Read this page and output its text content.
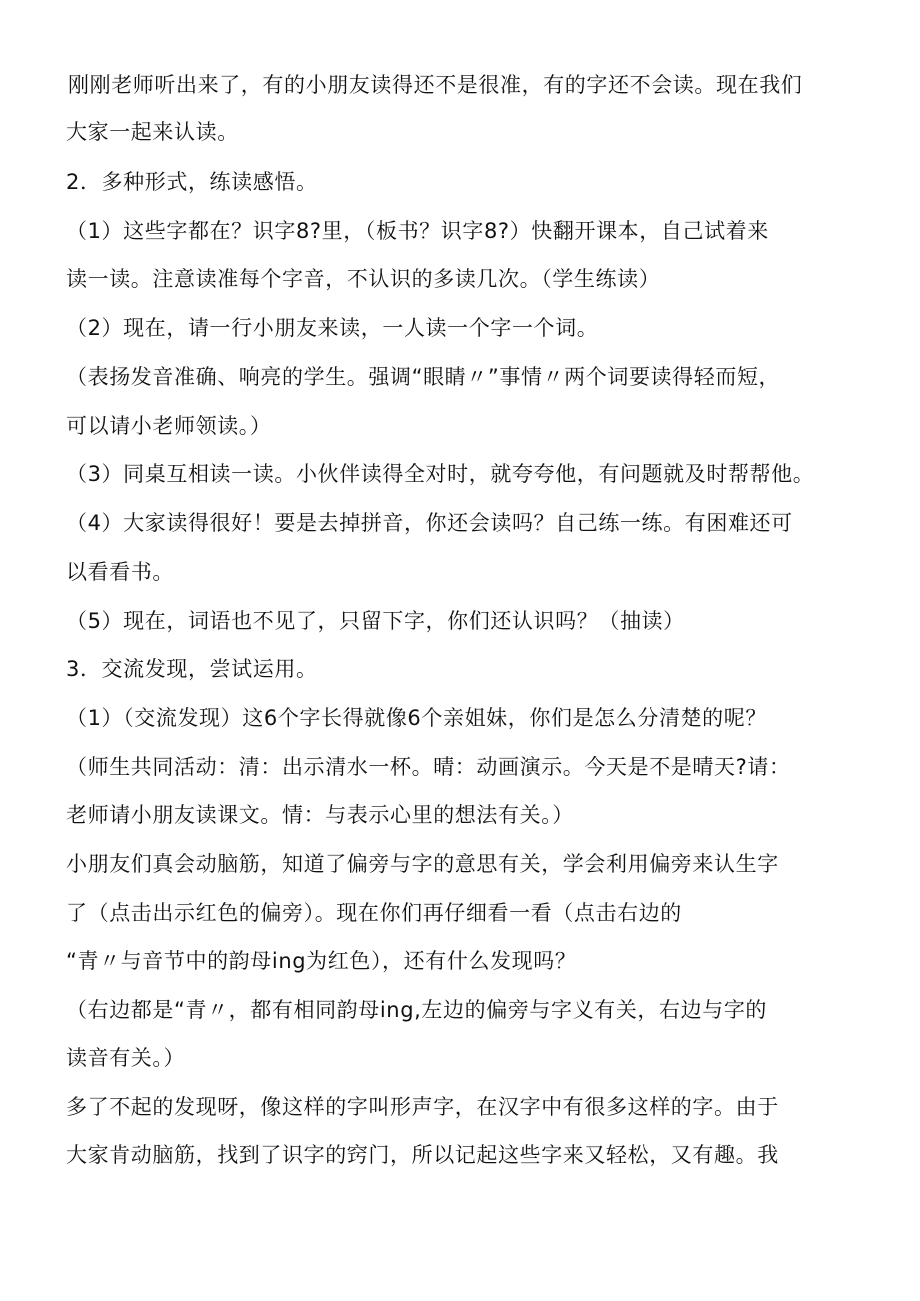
刚刚老师听出来了，有的小朋友读得还不是很准，有的字还不会读。现在我们
大家一起来认读。
2．多种形式，练读感悟。
（1）这些字都在？识字8?里，（板书？识字8?）快翻开课本，自己试着来
读一读。注意读准每个字音，不认识的多读几次。（学生练读）
（2）现在，请一行小朋友来读，一人读一个字一个词。
（表扬发音准确、响亮的学生。强调“眼睛〃”事情〃两个词要读得轻而短，
可以请小老师领读。）
（3）同桌互相读一读。小伙伴读得全对时，就夸夸他，有问题就及时帮帮他。
（4）大家读得很好！要是去掉拼音，你还会读吗？自己练一练。有困难还可
以看看书。
（5）现在，词语也不见了，只留下字，你们还认识吗？（抽读）
3．交流发现，尝试运用。
（1）（交流发现）这6个字长得就像6个亲姐妹，你们是怎么分清楚的呢？
（师生共同活动：清：出示清水一杯。晴：动画演示。今天是不是晴天?请：
老师请小朋友读课文。情：与表示心里的想法有关。）
小朋友们真会动脑筋，知道了偏旁与字的意思有关，学会利用偏旁来认生字
了（点击出示红色的偏旁）。现在你们再仔细看一看（点击右边的
“青〃与音节中的韵母ing为红色），还有什么发现吗？
（右边都是“青〃，都有相同韵母ing,左边的偏旁与字义有关，右边与字的
读音有关。）
多了不起的发现呀，像这样的字叫形声字，在汉字中有很多这样的字。由于
大家肯动脑筋，找到了识字的窍门，所以记起这些字来又轻松，又有趣。我
